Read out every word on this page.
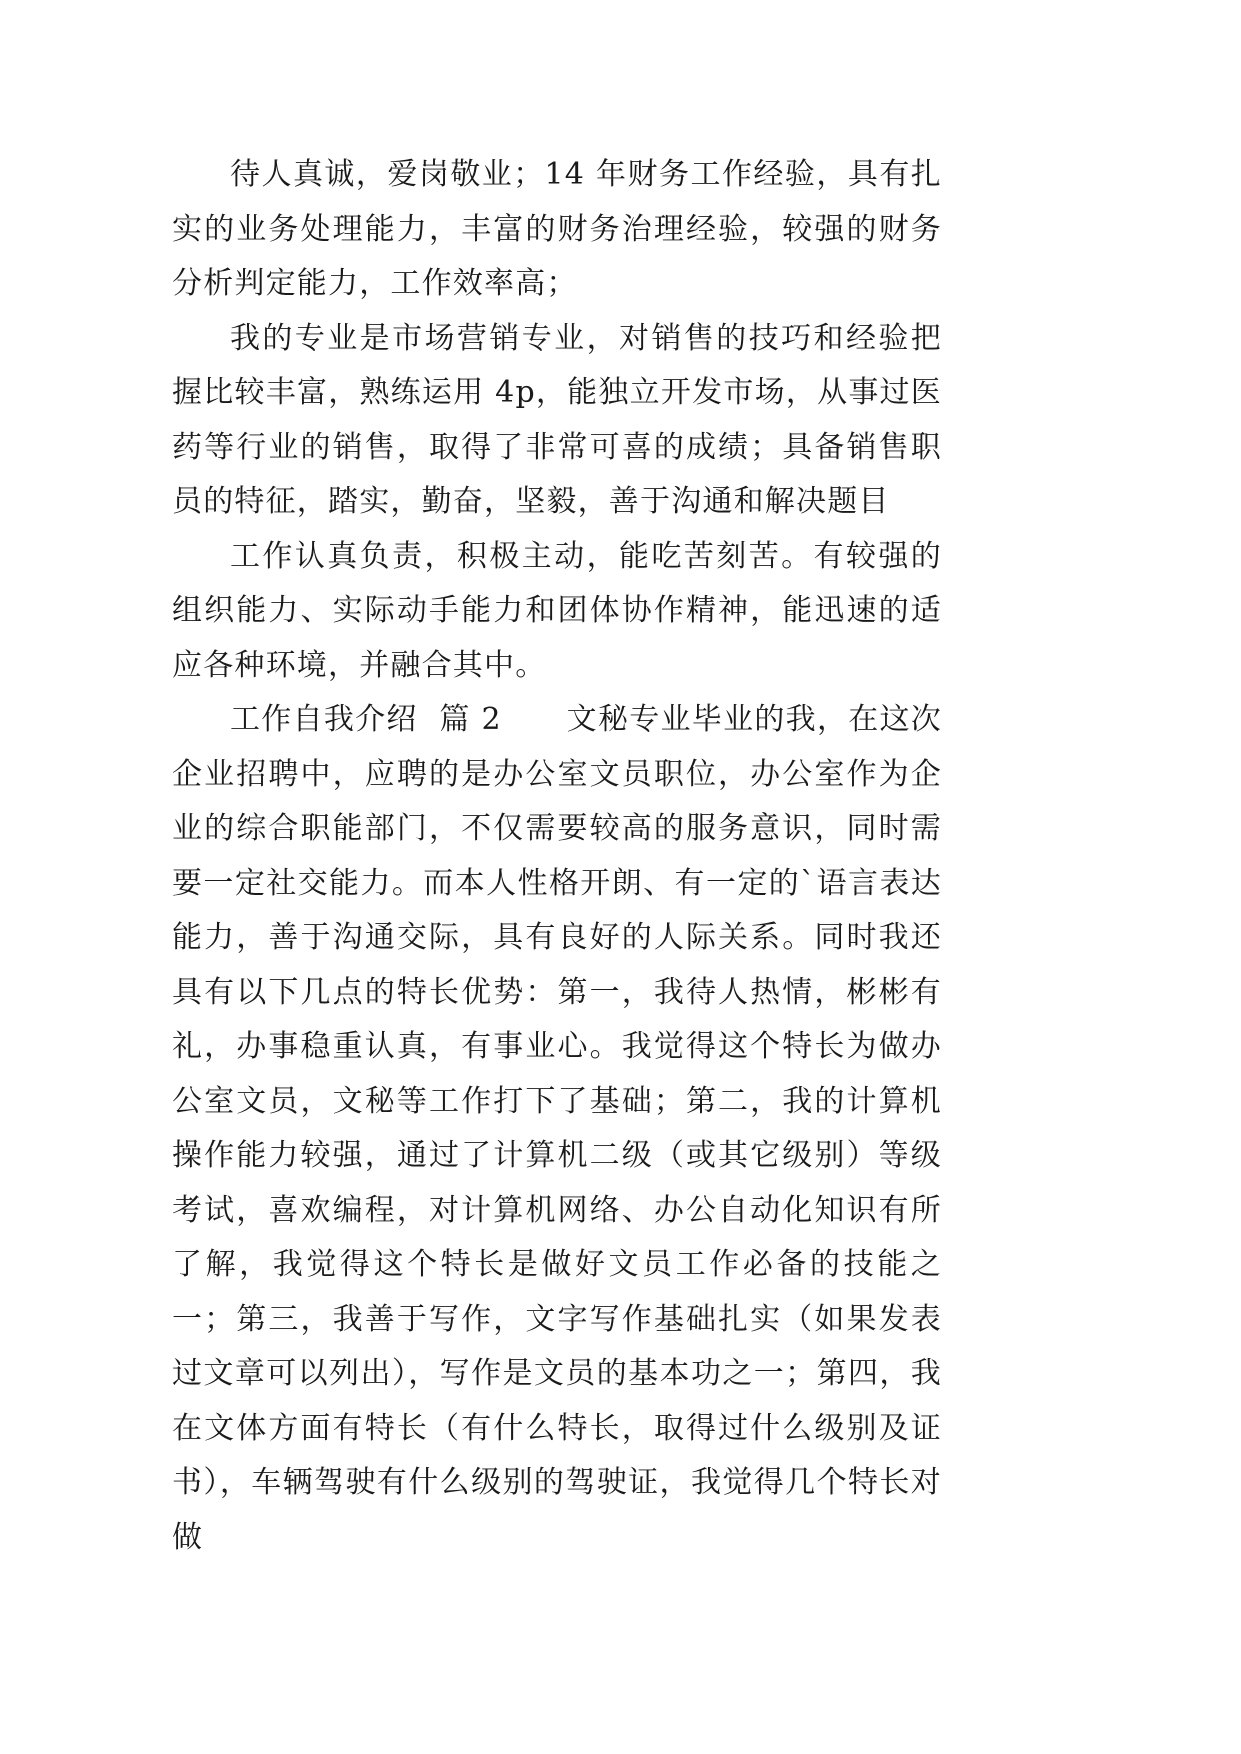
待人真诚，爱岗敬业；14 年财务工作经验，具有扎实的业务处理能力，丰富的财务治理经验，较强的财务分析判定能力，工作效率高；

我的专业是市场营销专业，对销售的技巧和经验把握比较丰富，熟练运用 4p，能独立开发市场，从事过医药等行业的销售，取得了非常可喜的成绩；具备销售职员的特征，踏实，勤奋，坚毅，善于沟通和解决题目

工作认真负责，积极主动，能吃苦刻苦。有较强的组织能力、实际动手能力和团体协作精神，能迅速的适应各种环境，并融合其中。

工作自我介绍  篇 2      文秘专业毕业的我，在这次企业招聘中，应聘的是办公室文员职位，办公室作为企业的综合职能部门，不仅需要较高的服务意识，同时需要一定社交能力。而本人性格开朗、有一定的`语言表达能力，善于沟通交际，具有良好的人际关系。同时我还具有以下几点的特长优势：第一，我待人热情，彬彬有礼，办事稳重认真，有事业心。我觉得这个特长为做办公室文员，文秘等工作打下了基础；第二，我的计算机操作能力较强，通过了计算机二级（或其它级别）等级考试，喜欢编程，对计算机网络、办公自动化知识有所了解，我觉得这个特长是做好文员工作必备的技能之一；第三，我善于写作，文字写作基础扎实（如果发表过文章可以列出），写作是文员的基本功之一；第四，我在文体方面有特长（有什么特长，取得过什么级别及证书），车辆驾驶有什么级别的驾驶证，我觉得几个特长对做
